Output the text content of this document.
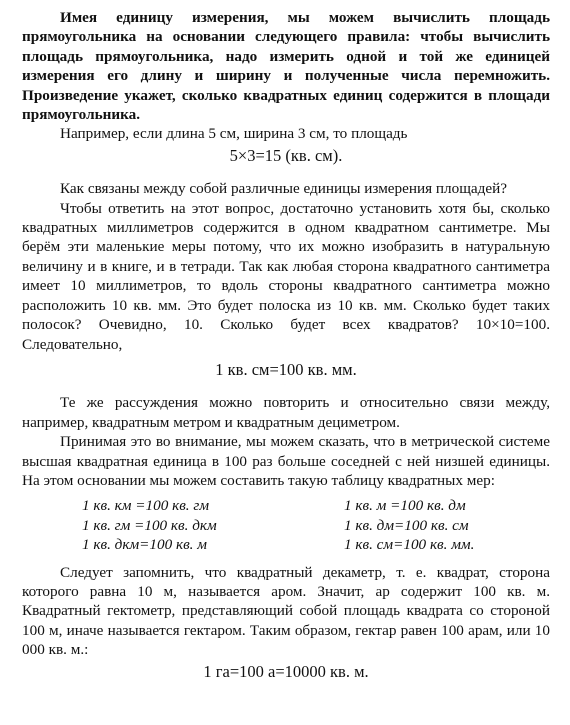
Имея единицу измерения, мы можем вычислить площадь прямоугольника на основании следующего правила: чтобы вычислить площадь прямоугольника, надо измерить одной и той же единицей измерения его длину и ширину и полученные числа перемножить. Произведение укажет, сколько квадратных единиц содержится в площади прямоугольника.

Например, если длина 5 см, ширина 3 см, то площадь

5×3=15 (кв. см).

Как связаны между собой различные единицы измерения площадей?

Чтобы ответить на этот вопрос, достаточно установить хотя бы, сколько квадратных миллиметров содержится в одном квадратном сантиметре. Мы берём эти маленькие меры потому, что их можно изобразить в натуральную величину и в книге, и в тетради. Так как любая сторона квадратного сантиметра имеет 10 миллиметров, то вдоль стороны квадратного сантиметра можно расположить 10 кв. мм. Это будет полоска из 10 кв. мм. Сколько будет таких полосок? Очевидно, 10. Сколько будет всех квадратов? 10×10=100. Следовательно,

1 кв. см=100 кв. мм.

Те же рассуждения можно повторить и относительно связи между, например, квадратным метром и квадратным дециметром.

Принимая это во внимание, мы можем сказать, что в метрической системе высшая квадратная единица в 100 раз больше соседней с ней низшей единицы. На этом основании мы можем составить такую таблицу квадратных мер:

1 кв. км =100 кв. гм	1 кв. м =100 кв. дм
1 кв. гм =100 кв. дкм	1 кв. дм=100 кв. см
1 кв. дкм=100 кв. м	1 кв. см=100 кв. мм.

Следует запомнить, что квадратный декаметр, т. е. квадрат, сторона которого равна 10 м, называется аром. Значит, ар содержит 100 кв. м. Квадратный гектометр, представляющий собой площадь квадрата со стороной 100 м, иначе называется гектаром. Таким образом, гектар равен 100 арам, или 10 000 кв. м.:

1 га=100 а=10000 кв. м.
